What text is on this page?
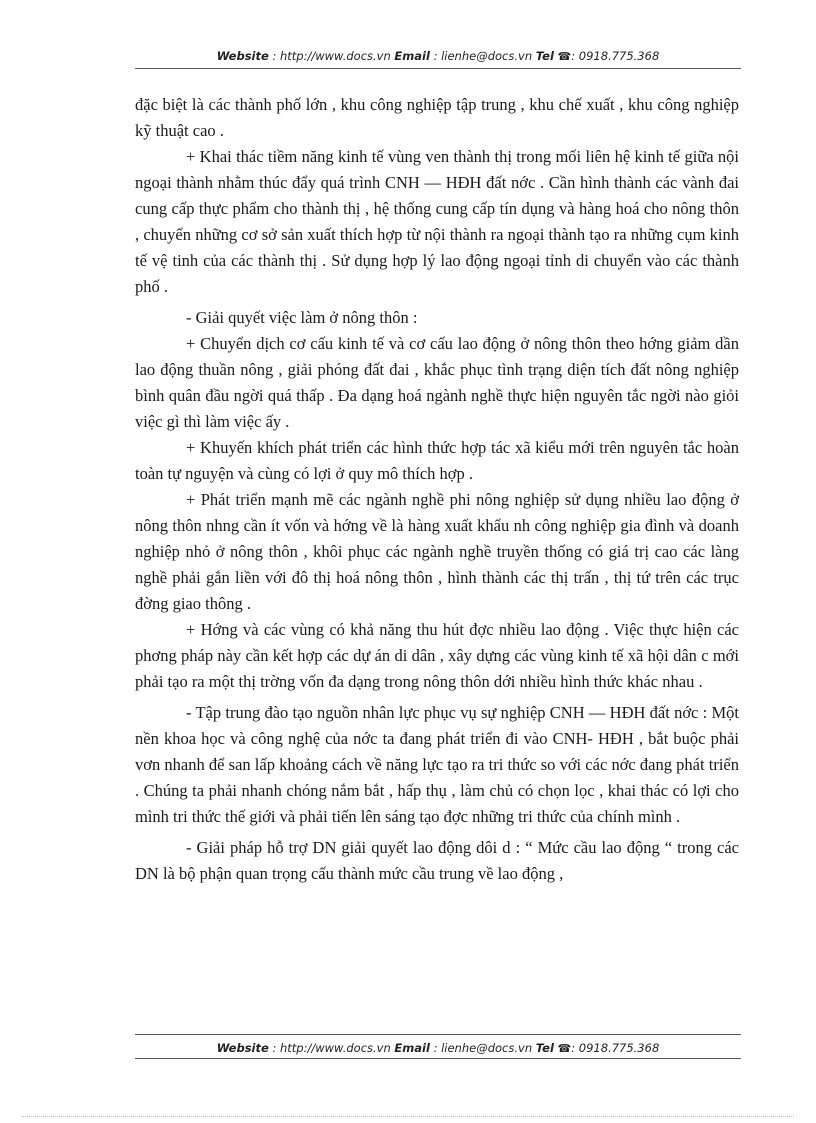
Website : http://www.docs.vn Email : lienhe@docs.vn Tel ☎: 0918.775.368

đặc biệt là các thành phố lớn , khu công nghiệp tập trung , khu chế xuất , khu công nghiệp kỹ thuật cao .

+ Khai thác tiềm năng kinh tế vùng ven thành thị trong mối liên hệ kinh tế giữa nội ngoại thành nhằm thúc đẩy quá trình CNH — HĐH đất nớc . Cần hình thành các vành đai cung cấp thực phẩm cho thành thị , hệ thống cung cấp tín dụng và hàng hoá cho nông thôn , chuyển những cơ sở sản xuất thích hợp từ nội thành ra ngoại thành tạo ra những cụm kinh tế vệ tinh của các thành thị . Sử dụng hợp lý lao động ngoại tỉnh di chuyển vào các thành phố .

- Giải quyết việc làm ở nông thôn :

+ Chuyển dịch cơ cấu kinh tế và cơ cấu lao động ở nông thôn theo hớng giảm dần lao động thuần nông , giải phóng đất đai , khắc phục tình trạng diện tích đất nông nghiệp bình quân đầu ngời quá thấp . Đa dạng hoá ngành nghề thực hiện nguyên tắc ngời nào giỏi việc gì thì làm việc ấy .

+ Khuyến khích phát triển các hình thức hợp tác xã kiểu mới trên nguyên tắc hoàn toàn tự nguyện và cùng có lợi ở quy mô thích hợp .

+ Phát triển mạnh mẽ các ngành nghề phi nông nghiệp sử dụng nhiều lao động ở nông thôn nhng cần ít vốn và hớng về là hàng xuất khẩu nh công nghiệp gia đình và doanh nghiệp nhỏ ở nông thôn , khôi phục các ngành nghề truyền thống có giá trị cao các làng nghề phải gắn liền với đô thị hoá nông thôn , hình thành các thị trấn , thị tứ trên các trục đờng giao thông .

+ Hớng và các vùng có khả năng thu hút đợc nhiều lao động . Việc thực hiện các phơng pháp này cần kết hợp các dự án di dân , xây dựng các vùng kinh tế xã hội dân c mới phải tạo ra một thị trờng vốn đa dạng trong nông thôn dới nhiều hình thức khác nhau .

- Tập trung đào tạo nguồn nhân lực phục vụ sự nghiệp CNH — HĐH đất nớc : Một nền khoa học và công nghệ của nớc ta đang phát triển đi vào CNH- HĐH , bắt buộc phải vơn nhanh để san lấp khoảng cách về năng lực tạo ra tri thức so với các nớc đang phát triển . Chúng ta phải nhanh chóng nắm bắt , hấp thụ , làm chủ có chọn lọc , khai thác có lợi cho mình tri thức thế giới và phải tiến lên sáng tạo đợc những tri thức của chính mình .

- Giải pháp hỗ trợ DN giải quyết lao động dôi d : “ Mức cầu lao động “ trong các DN là bộ phận quan trọng cấu thành mức cầu trung về lao động ,

Website : http://www.docs.vn Email : lienhe@docs.vn Tel ☎: 0918.775.368
